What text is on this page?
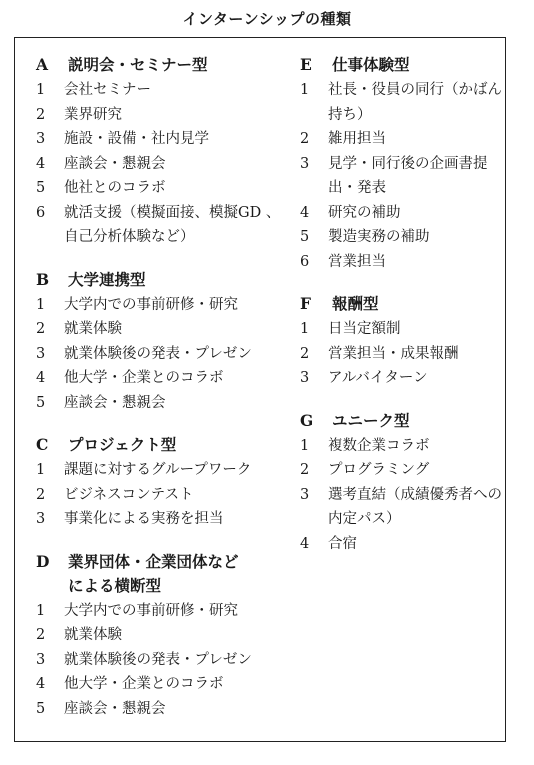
インターンシップの種類
A	説明会・セミナー型
1	会社セミナー
2	業界研究
3	施設・設備・社内見学
4	座談会・懇親会
5	他社とのコラボ
6	就活支援（模擬面接、模擬GD 、自己分析体験など）
B	大学連携型
1	大学内での事前研修・研究
2	就業体験
3	就業体験後の発表・プレゼン
4	他大学・企業とのコラボ
5	座談会・懇親会
C	プロジェクト型
1	課題に対するグループワーク
2	ビジネスコンテスト
3	事業化による実務を担当
D	業界団体・企業団体などによる横断型
1	大学内での事前研修・研究
2	就業体験
3	就業体験後の発表・プレゼン
4	他大学・企業とのコラボ
5	座談会・懇親会
E	仕事体験型
1	社長・役員の同行（かばん持ち）
2	雑用担当
3	見学・同行後の企画書提出・発表
4	研究の補助
5	製造実務の補助
6	営業担当
F	報酬型
1	日当定額制
2	営業担当・成果報酬
3	アルバイターン
G	ユニーク型
1	複数企業コラボ
2	プログラミング
3	選考直結（成績優秀者への内定パス）
4	合宿
